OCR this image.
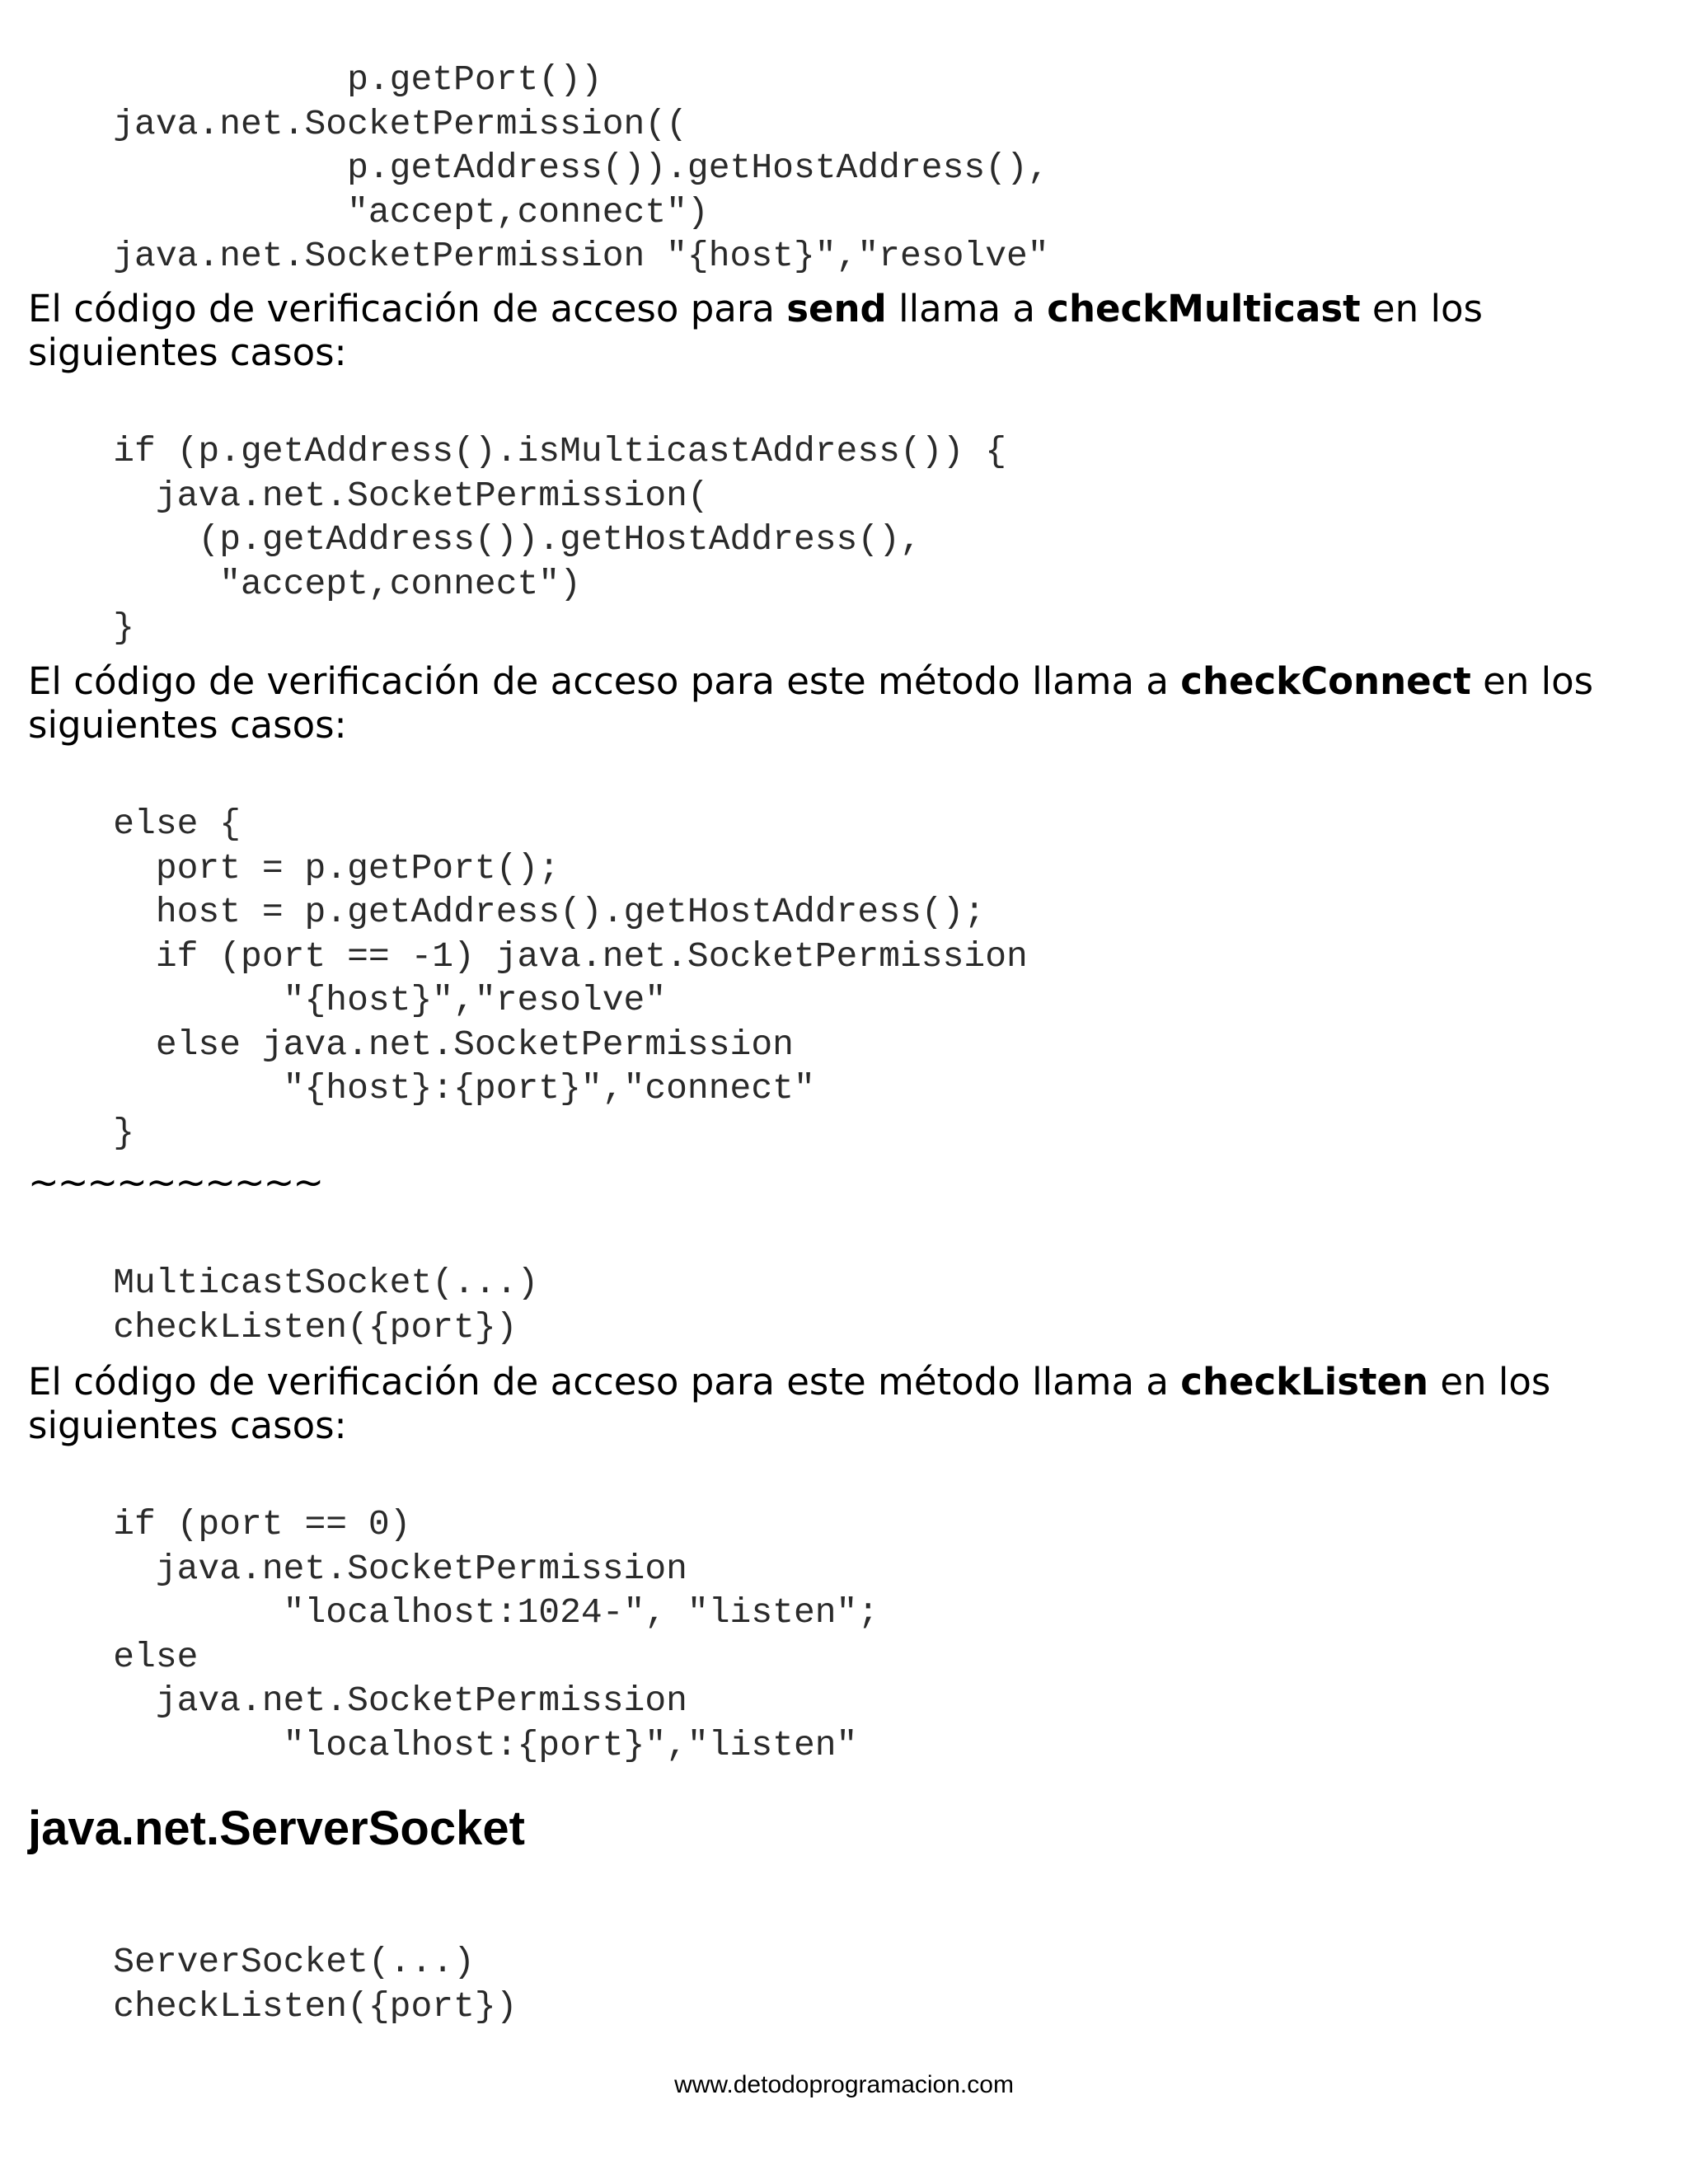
p.getPort())
java.net.SocketPermission((
p.getAddress()).getHostAddress(),
"accept,connect")
java.net.SocketPermission "{host}","resolve"

El código de verificación de acceso para send llama a checkMulticast en los siguientes casos:

if (p.getAddress().isMulticastAddress()) {
java.net.SocketPermission(
(p.getAddress()).getHostAddress(),
"accept,connect")
}

El código de verificación de acceso para este método llama a checkConnect en los siguientes casos:

else {
port = p.getPort();
host = p.getAddress().getHostAddress();
if (port == -1) java.net.SocketPermission
"{host}","resolve"
else java.net.SocketPermission
"{host}:{port}","connect"
}
~~~~~~~~~~
MulticastSocket(...)
checkListen({port})

El código de verificación de acceso para este método llama a checkListen en los siguientes casos:

if (port == 0)
java.net.SocketPermission
"localhost:1024-", "listen";
else
java.net.SocketPermission
"localhost:{port}","listen"
java.net.ServerSocket
ServerSocket(...)
checkListen({port})
www.detodoprogramacion.com
